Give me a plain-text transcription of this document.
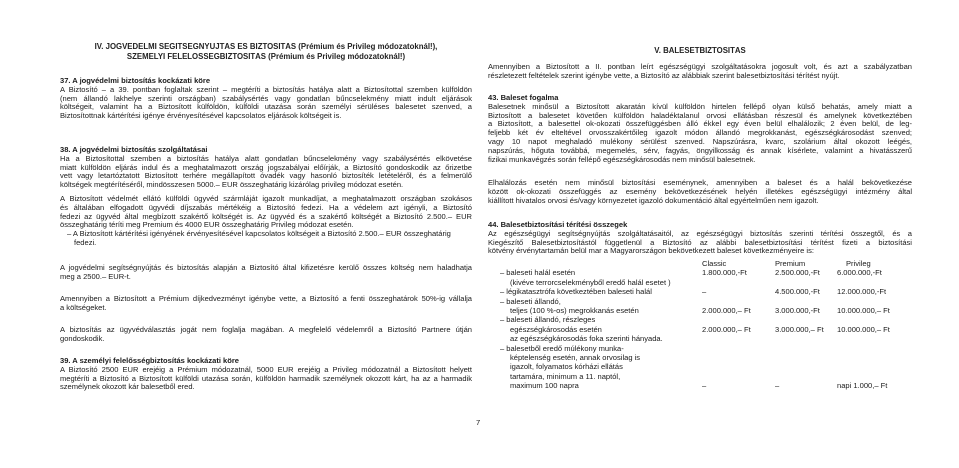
IV. JOGVÉDELMI SEGÍTSÉGNYÚJTÁS ÉS BIZTOSÍTÁS (Prémium és Privileg módozatoknál!),
SZEMÉLYI FELELŐSSÉGBIZTOSÍTÁS (Prémium és Privileg módozatoknál!)
37. A jogvédelmi biztosítás kockázati köre
A Biztosító – a 39. pontban foglaltak szerint – megtéríti a biztosítás hatálya alatt a Biztosítottal szemben külföldön
(nem állandó lakhelye szerinti országban) szabálysértés vagy gondatlan bűncselekmény miatt indult eljárások
költségeit, valamint ha a Biztosított külföldön, külföldi utazása során személyi sérüléses balesetet szenved, a
Biztosítottnak kártérítési igénye érvényesítésével kapcsolatos eljárások költségeit is.
38. A jogvédelmi biztosítás szolgáltatásai
Ha a Biztosítottal szemben a biztosítás hatálya alatt gondatlan bűncselekmény vagy szabálysértés elkövetése
miatt külföldön eljárás indul és a meghatalmazott ország jogszabályai előírják, a Biztosító gondoskodik az őrizetbe
vett vagy letartóztatott Biztosított terhére megállapított óvadék vagy hasonló biztosíték letételéről, és a felmerülő
költségek megtérítéséről, mindösszesen 5000.– EUR összeghatárig kizárólag privileg módozat esetén.
A Biztosított védelmét ellátó külföldi ügyvéd szármláját igazolt munkadíjat, a meghatalmazott országban szokásos
és általában elfogadott ügyvédi díjszabás mértékéig a Biztosító fedezi. Ha a védelem azt igényli, a Biztosító
fedezi az ügyvéd által megbízott szakértő költségét is. Az ügyvéd és a szakértő költségét a Biztosító 2.500.– EUR
összeghatárig téríti meg Premium és 4000 EUR összeghatárig Privileg módozat esetén.
– A Biztosított kártérítési igényének érvényesítésével kapcsolatos költségeit a Biztosító 2.500.– EUR összeghatárig
fedezi.
A jogvédelmi segítségnyújtás és biztosítás alapján a Biztosító által kifizetésre kerülő összes költség nem haladhatja
meg a 2500.– EUR-t.
Amennyiben a Biztosított a Prémium díjkedvezményt igénybe vette, a Biztosító a fenti összeghatárok 50%-ig vállalja
a költségeket.
A biztosítás az ügyvédválasztás jogát nem foglalja magában. A megfelelő védelemről a Biztosító Partnere útján
gondoskodik.
39. A személyi felelősségbiztosítás kockázati köre
A Biztosító 2500 EUR erejéig a Prémium módozatnál, 5000 EUR erejéig a Privileg módozatnál a Biztosított helyett
megtéríti a Biztosító a Biztosított külföldi utazása során, külföldön harmadik személynek okozott kárt, ha az a harmadik
személynek okozott kár balesetből ered.
V. BALESETBIZTOSÍTÁS
Amennyiben a Biztosított a II. pontban leírt egészségügyi szolgáltatásokra jogosult volt, és azt a szabályzatban
részletezett feltételek szerint igénybe vette, a Biztosító az alábbiak szerint balesetbiztosítási térítést nyújt.
43. Baleset fogalma
Balesetnek minősül a Biztosított akaratán kívül külföldön hirtelen fellépő olyan külső behatás, amely miatt a
Biztosított a balesetet követően külföldön haladéktalanul orvosi ellátásban részesül és amelynek következtében
a Biztosított, a balesettel ok-okozati összefüggésben álló ékkel egy éven belül elhalálozik; 2 éven belül, de leg-
feljebb két év elteltével orvosszakértőileg igazolt módon állandó megrokkanást, egészségkárosodást szenved;
vagy 10 napot meghaladó mulékony sérülést szenved. Napszúrásra, kvarc, szolárium által okozott leégés,
napszúrás, hőguta továbbá, megemelés, sérv, fagyás, öngyilkosság és annak kísérlete, valamint a hivatásszerű
fizikai munkavégzés során fellépő egészségkárosodás nem minősül balesetnek.
Elhalálozás esetén nem minősül biztosítási eseménynek, amennyiben a baleset és a halál bekövetkezése
között ok-okozati összefüggés az esemény bekövetkezésének helyén illetékes egészségügyi intézmény által
kiállított hivatalos orvosi és/vagy környezetet igazoló dokumentáció által egyértelműen nem igazolt.
44. Balesetbiztosítási térítési összegek
Az egészségügyi segítségnyújtás szolgáltatásaitól, az egészségügyi biztosítás szerinti térítési összegtől, és a
Kiegészítő Balesetbiztosítástól függetlenül a Biztosító az alábbi balesetbiztosítási térítést fizeti a biztosítási
kötvény érvénytartamán belül mar a Magyarországon bekövetkezett baleset következményeire is:
Classic	Premium	Privileg
– baleseti halál esetén	1.800.000,-Ft	2.500.000,-Ft 6.000.000,-Ft
(kivéve terrorcselekményből eredő halál esetet )
– légikatasztrófa következtében baleseti halál	–	4.500.000,-Ft 12.000.000,-Ft
– baleseti állandó,
teljes (100 %-os) megrokkanás esetén	2.000.000,– Ft	3.000.000,-Ft 10.000.000,– Ft
– baleseti állandó, részleges
egészségkárosodás esetén	2.000.000,– Ft	3.000.000,– Ft 10.000.000,– Ft
az egészségkárosodás foka szerinti hányada.
– balesetből eredő múlékony munka-
képtelenség esetén, annak orvosilag is
igazolt, folyamatos kórházi ellátás
tartamára, minimum a 11. naptól,
maximum 100 napra	–	–	napi 1.000,– Ft
7
